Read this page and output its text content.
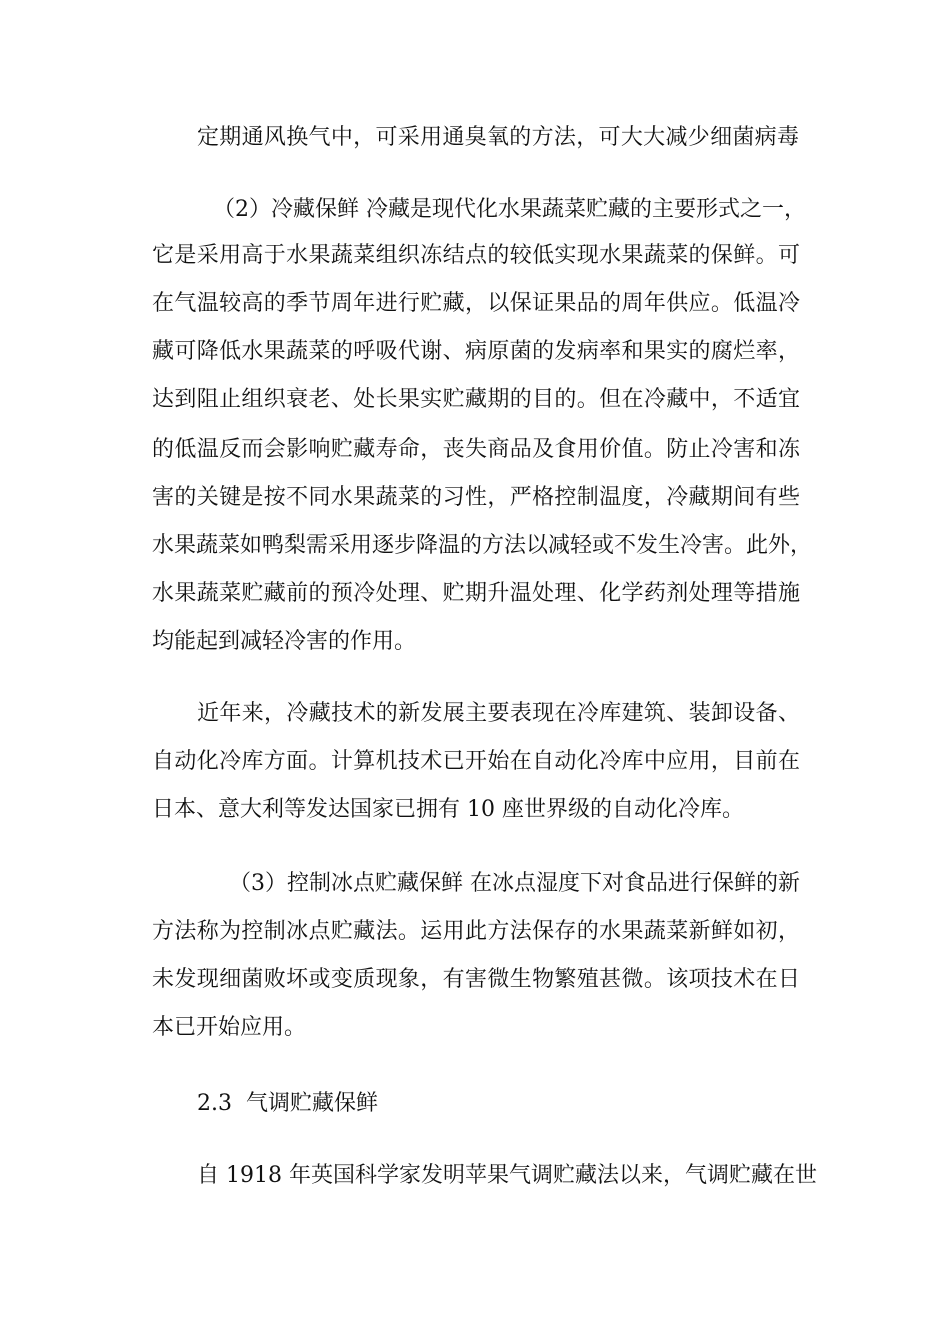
定期通风换气中，可采用通臭氧的方法，可大大减少细菌病毒
（2）冷藏保鲜 冷藏是现代化水果蔬菜贮藏的主要形式之一，
它是采用高于水果蔬菜组织冻结点的较低实现水果蔬菜的保鲜。可
在气温较高的季节周年进行贮藏，以保证果品的周年供应。低温冷
藏可降低水果蔬菜的呼吸代谢、病原菌的发病率和果实的腐烂率，
达到阻止组织衰老、处长果实贮藏期的目的。但在冷藏中，不适宜
的低温反而会影响贮藏寿命，丧失商品及食用价值。防止冷害和冻
害的关键是按不同水果蔬菜的习性，严格控制温度，冷藏期间有些
水果蔬菜如鸭梨需采用逐步降温的方法以减轻或不发生冷害。此外，
水果蔬菜贮藏前的预冷处理、贮期升温处理、化学药剂处理等措施
均能起到减轻冷害的作用。
近年来，冷藏技术的新发展主要表现在冷库建筑、装卸设备、
自动化冷库方面。计算机技术已开始在自动化冷库中应用，目前在
日本、意大利等发达国家已拥有 10 座世界级的自动化冷库。
（3）控制冰点贮藏保鲜 在冰点湿度下对食品进行保鲜的新
方法称为控制冰点贮藏法。运用此方法保存的水果蔬菜新鲜如初，
未发现细菌败坏或变质现象，有害微生物繁殖甚微。该项技术在日
本已开始应用。
2.3  气调贮藏保鲜
自 1918 年英国科学家发明苹果气调贮藏法以来，气调贮藏在世
